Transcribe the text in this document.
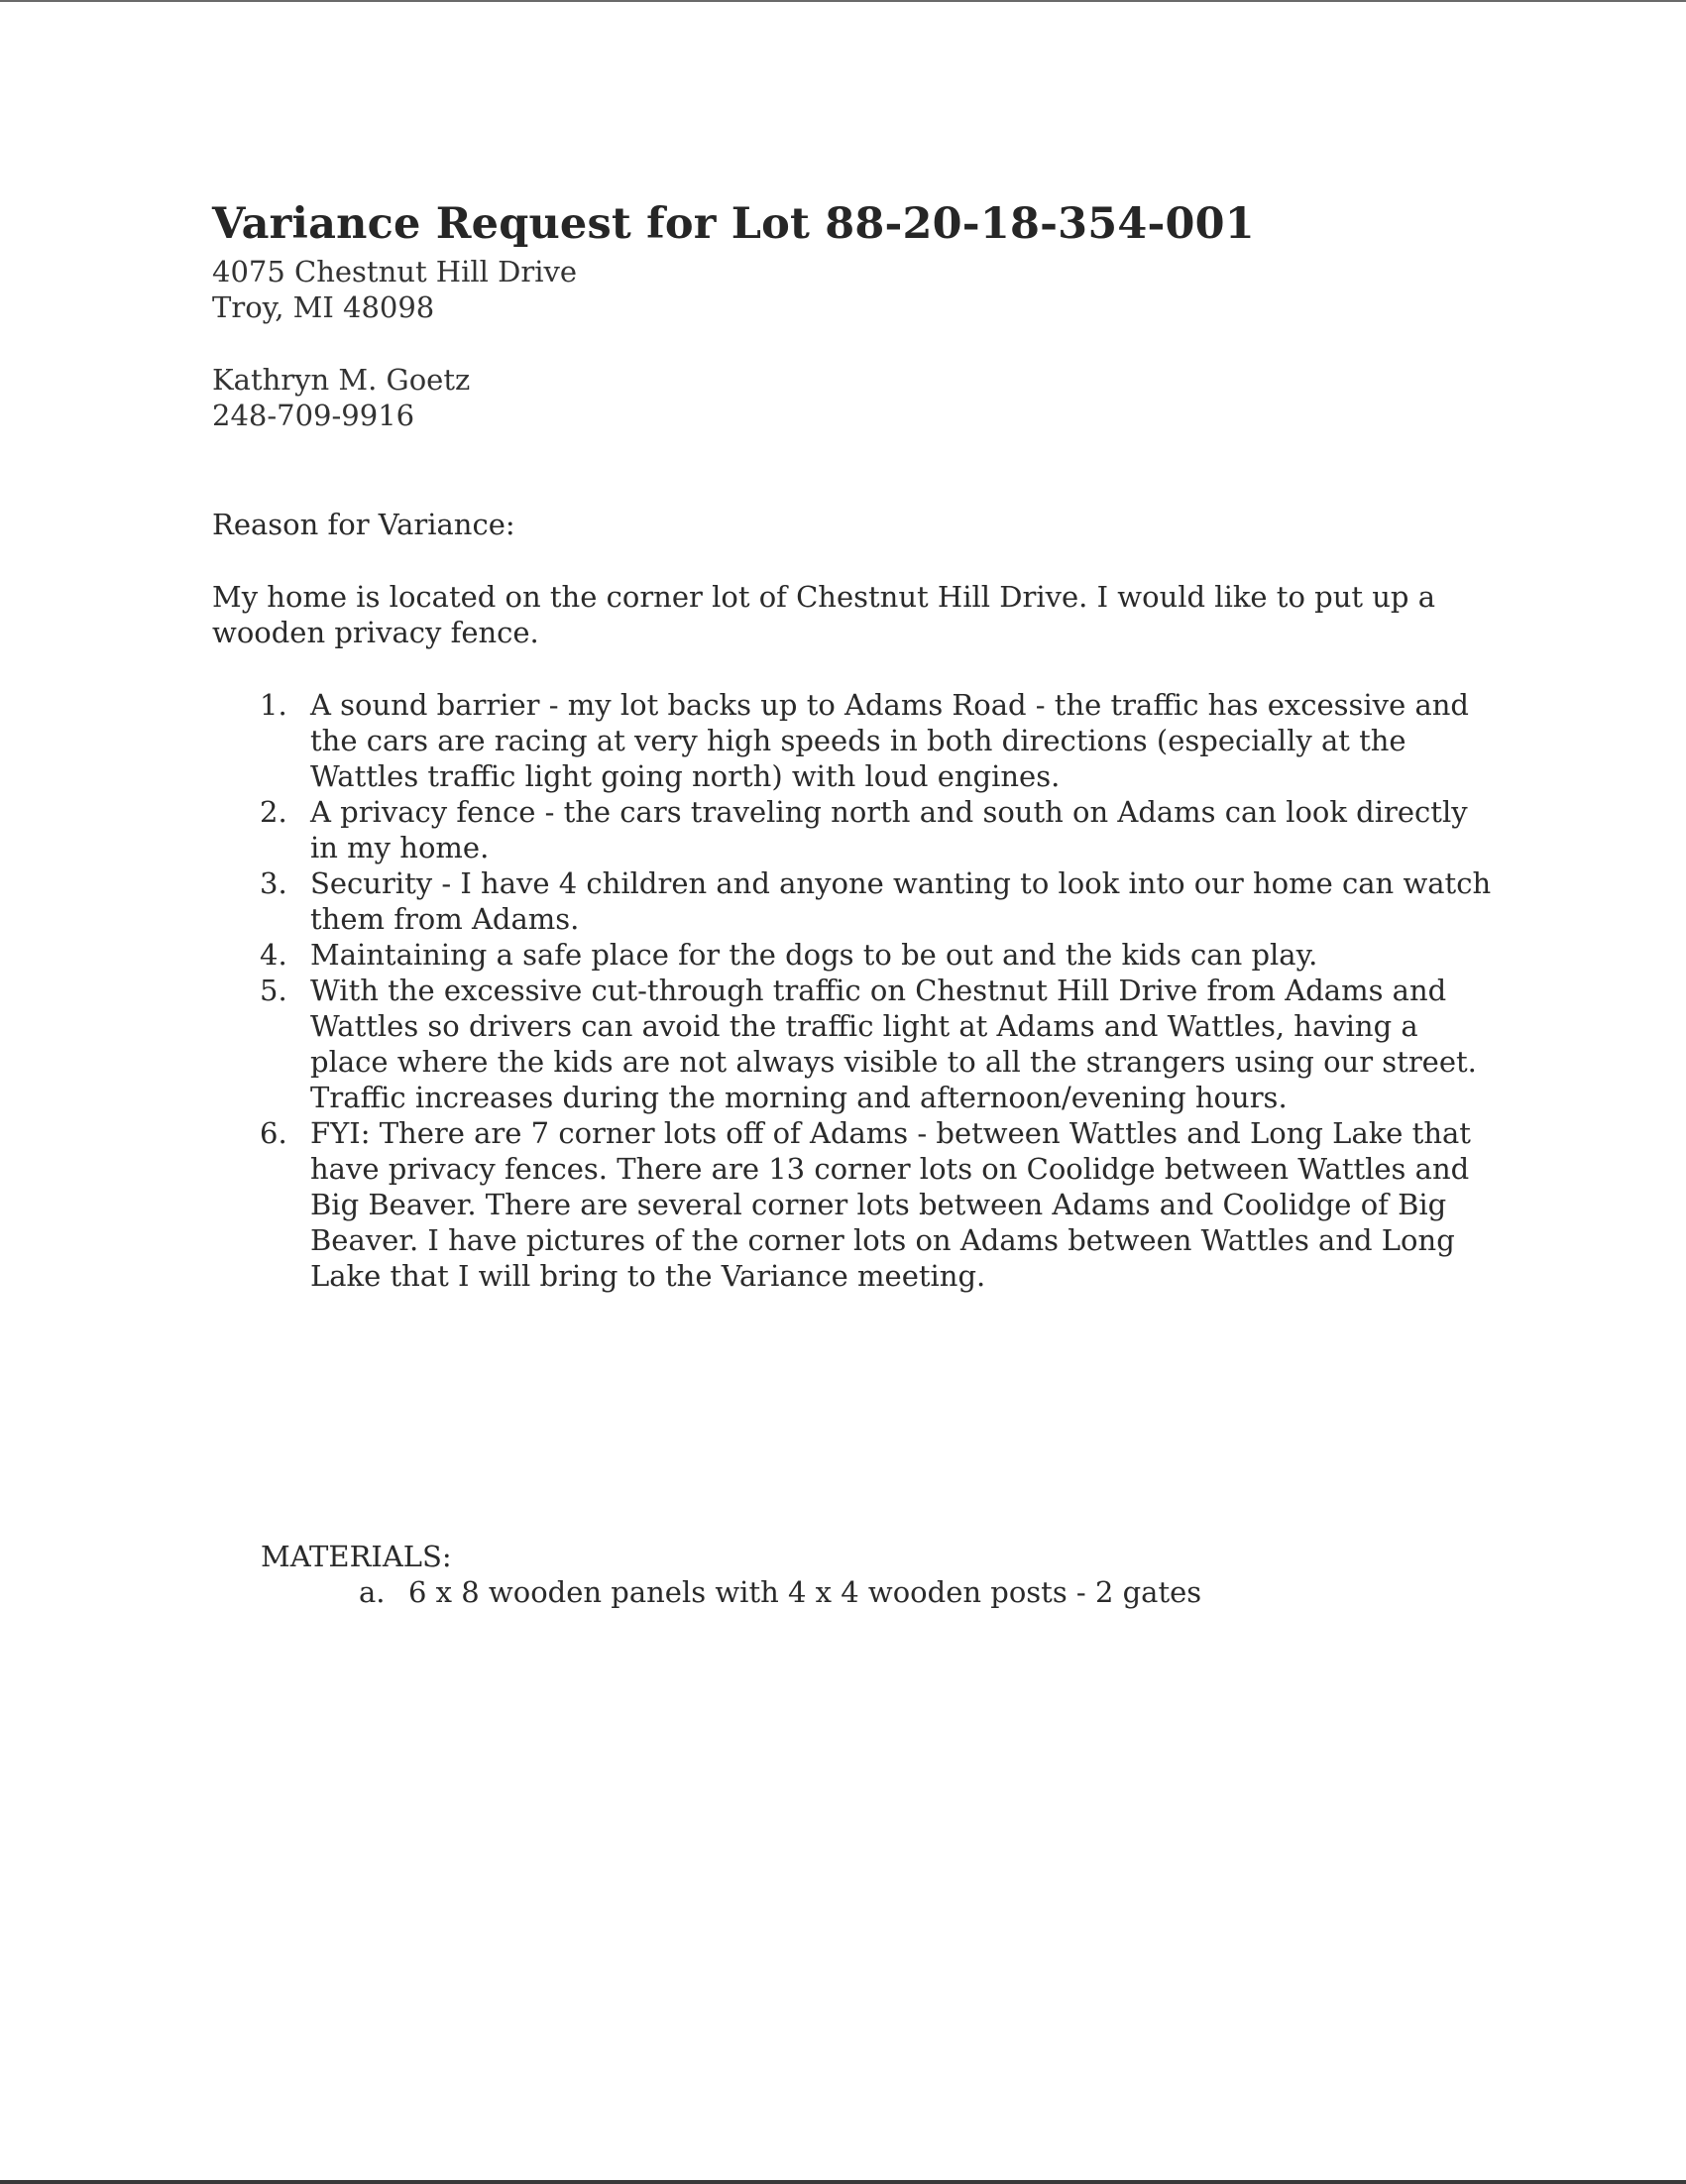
Variance Request for Lot 88-20-18-354-001

4075 Chestnut Hill Drive

Troy, MI 48098

Kathryn M. Goetz

248-709-9916

Reason for Variance:

My home is located on the corner lot of Chestnut Hill Drive. I would like to put up a wooden privacy fence.

1. A sound barrier - my lot backs up to Adams Road - the traffic has excessive and the cars are racing at very high speeds in both directions (especially at the Wattles traffic light going north) with loud engines.
2. A privacy fence - the cars traveling north and south on Adams can look directly in my home.
3. Security - I have 4 children and anyone wanting to look into our home can watch them from Adams.
4. Maintaining a safe place for the dogs to be out and the kids can play.
5. With the excessive cut-through traffic on Chestnut Hill Drive from Adams and Wattles so drivers can avoid the traffic light at Adams and Wattles, having a place where the kids are not always visible to all the strangers using our street. Traffic increases during the morning and afternoon/evening hours.
6. FYI: There are 7 corner lots off of Adams - between Wattles and Long Lake that have privacy fences. There are 13 corner lots on Coolidge between Wattles and Big Beaver. There are several corner lots between Adams and Coolidge of Big Beaver. I have pictures of the corner lots on Adams between Wattles and Long Lake that I will bring to the Variance meeting.

MATERIALS:

a. 6 x 8 wooden panels with 4 x 4 wooden posts - 2 gates
